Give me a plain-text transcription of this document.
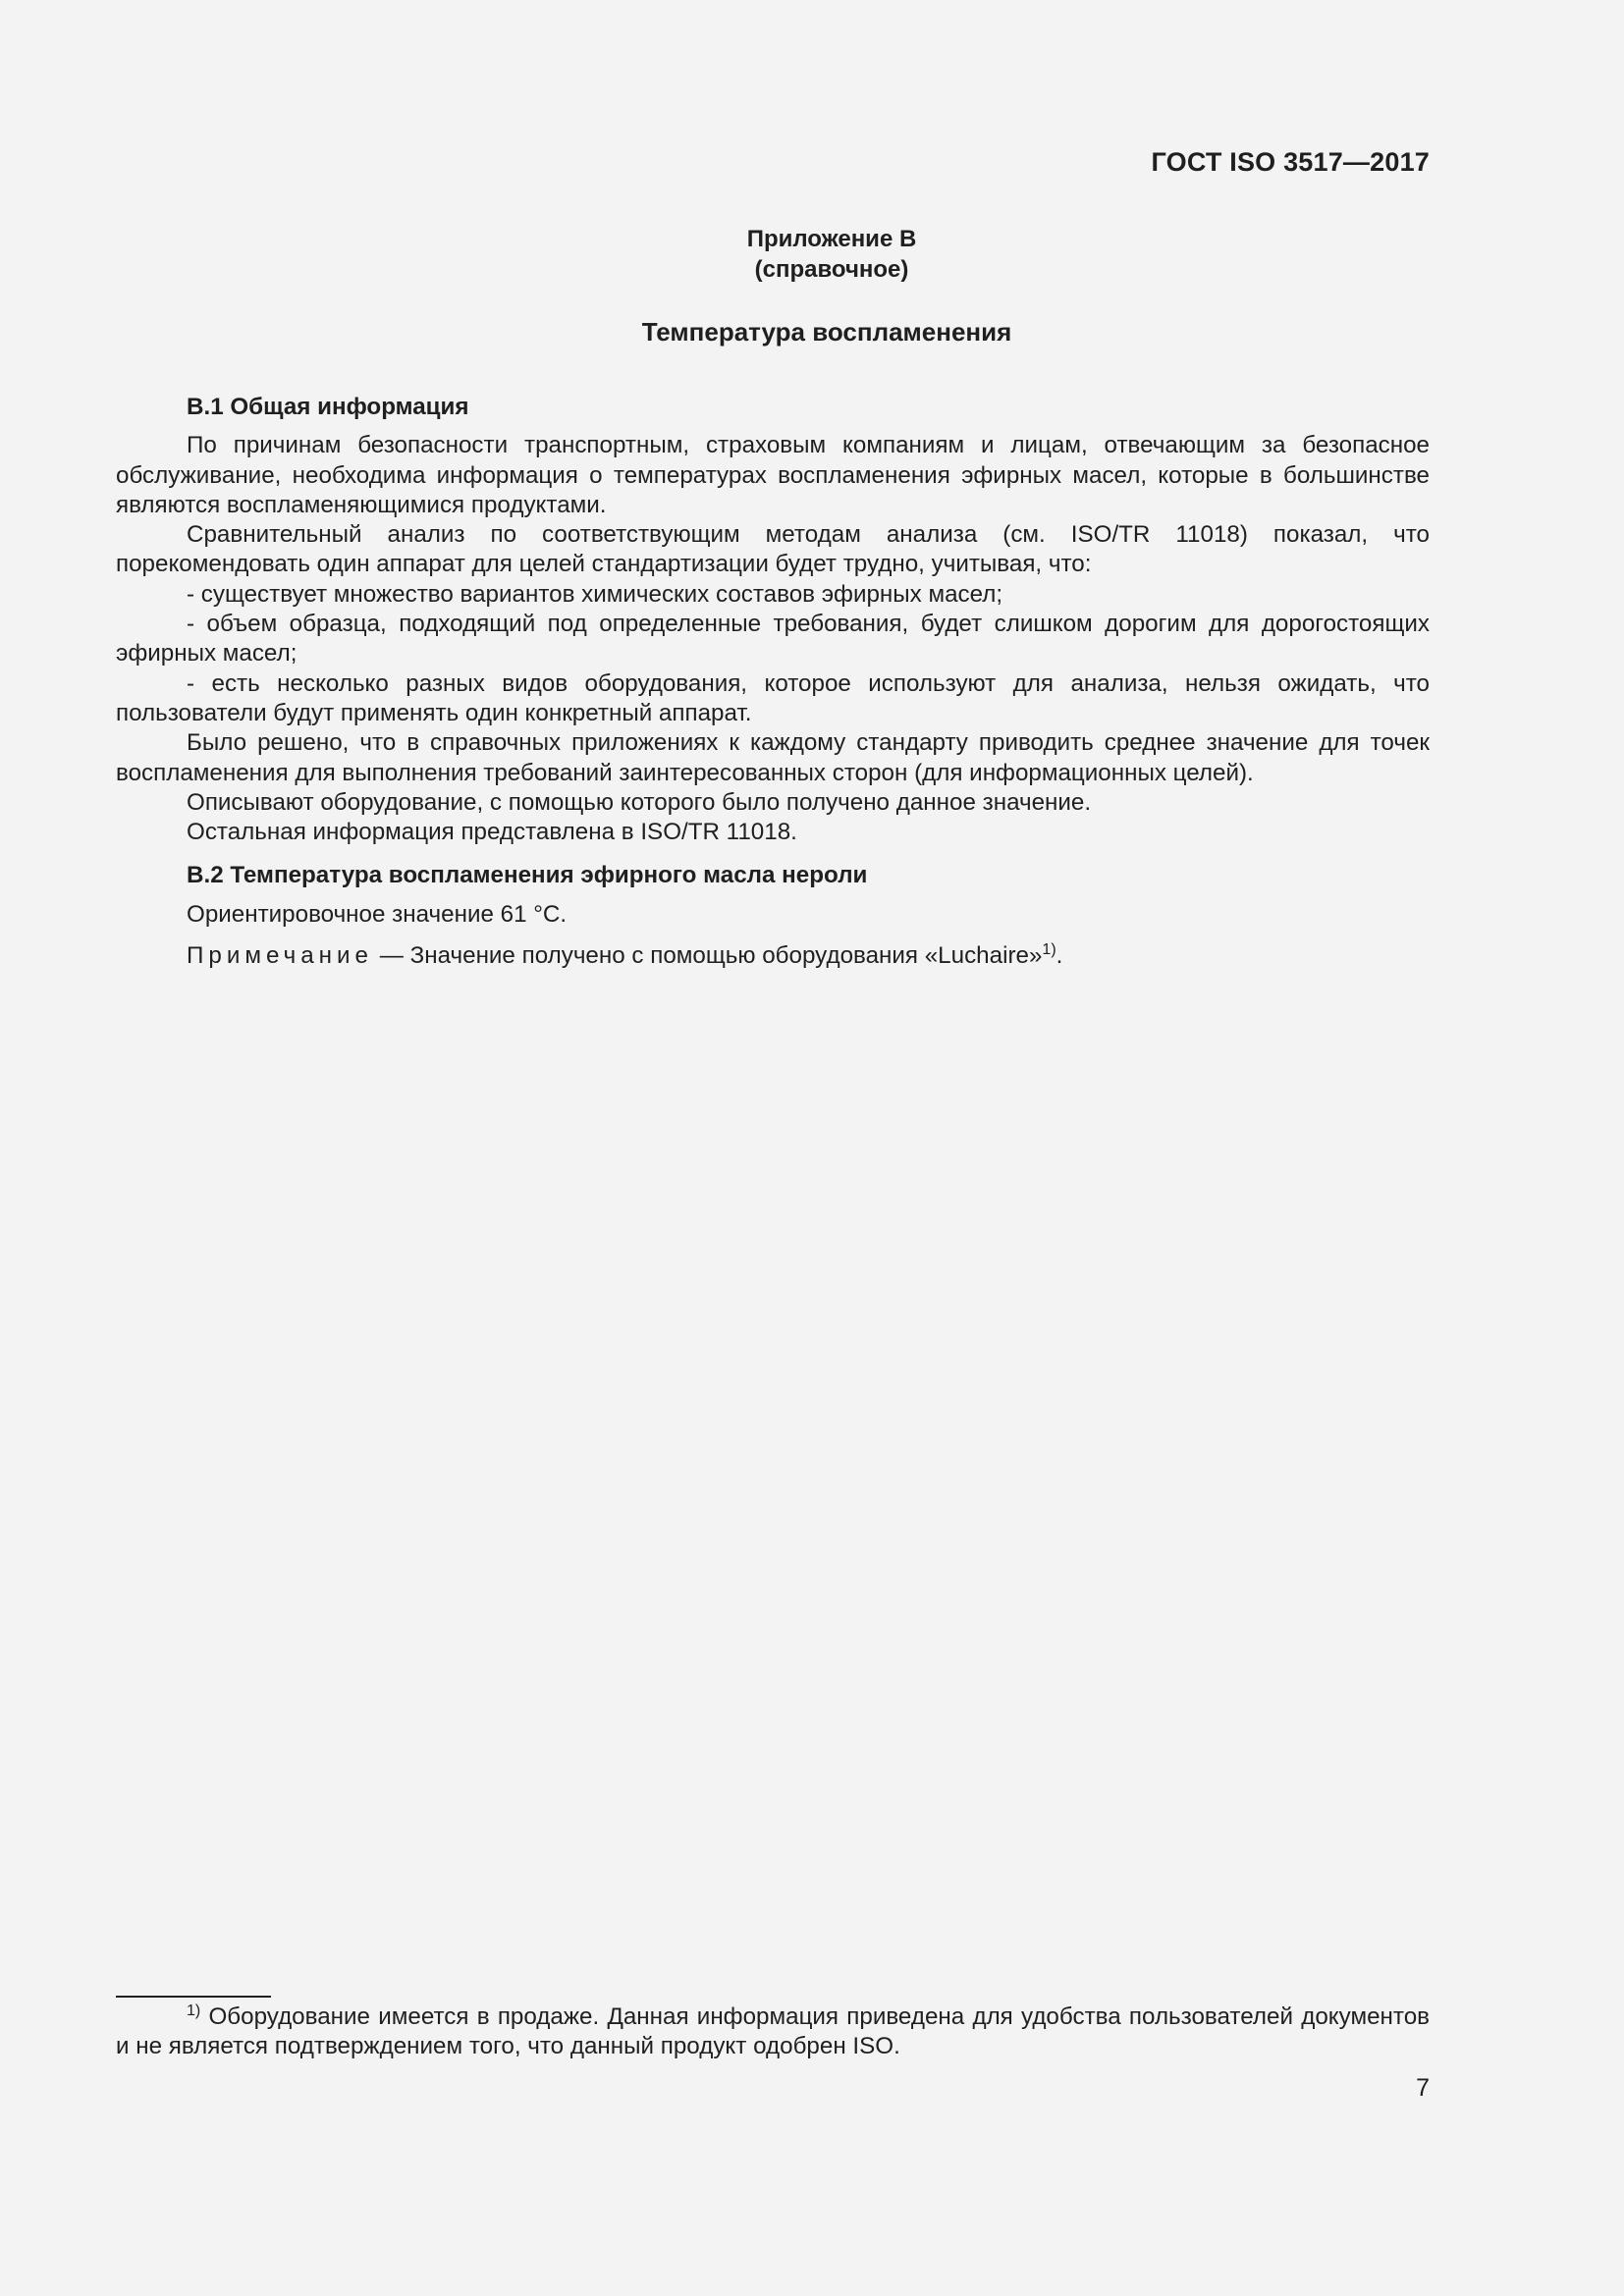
ГОСТ ISO 3517—2017
Приложение В
(справочное)
Температура воспламенения
В.1 Общая информация

По причинам безопасности транспортным, страховым компаниям и лицам, отвечающим за безопасное обслуживание, необходима информация о температурах воспламенения эфирных масел, которые в большинстве являются воспламеняющимися продуктами.

Сравнительный анализ по соответствующим методам анализа (см. ISO/TR 11018) показал, что порекомендовать один аппарат для целей стандартизации будет трудно, учитывая, что:

- существует множество вариантов химических составов эфирных масел;

- объем образца, подходящий под определенные требования, будет слишком дорогим для дорогостоящих эфирных масел;

- есть несколько разных видов оборудования, которое используют для анализа, нельзя ожидать, что пользователи будут применять один конкретный аппарат.

Было решено, что в справочных приложениях к каждому стандарту приводить среднее значение для точек воспламенения для выполнения требований заинтересованных сторон (для информационных целей).

Описывают оборудование, с помощью которого было получено данное значение.

Остальная информация представлена в ISO/TR 11018.

В.2 Температура воспламенения эфирного масла нероли

Ориентировочное значение 61 °С.

Примечание — Значение получено с помощью оборудования «Luchaire»$^{1)}$.

$^{1)}$ Оборудование имеется в продаже. Данная информация приведена для удобства пользователей документов и не является подтверждением того, что данный продукт одобрен ISO.
7
